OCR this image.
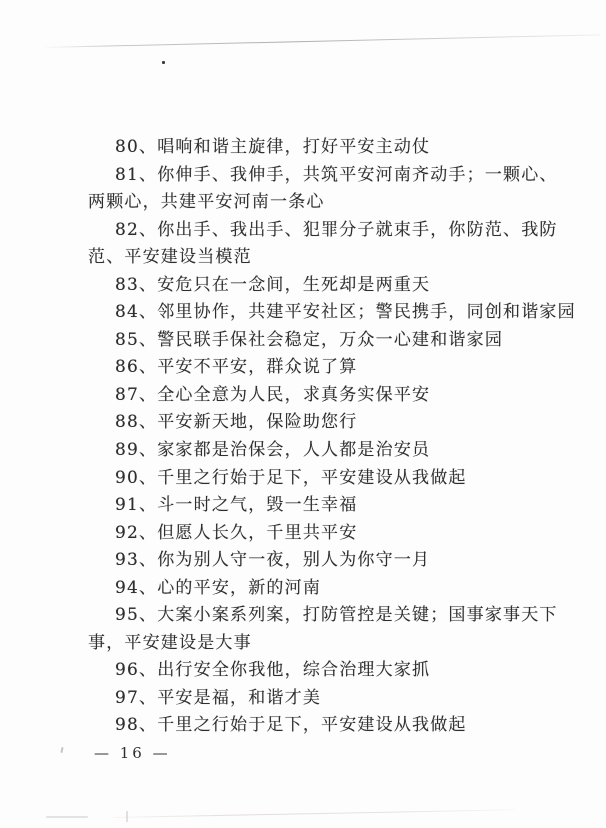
80、唱响和谐主旋律，打好平安主动仗

81、你伸手、我伸手，共筑平安河南齐动手；一颗心、

两颗心，共建平安河南一条心

82、你出手、我出手、犯罪分子就束手，你防范、我防

范、平安建设当模范

83、安危只在一念间，生死却是两重天

84、邻里协作，共建平安社区；警民携手，同创和谐家园

85、警民联手保社会稳定，万众一心建和谐家园

86、平安不平安，群众说了算

87、全心全意为人民，求真务实保平安

88、平安新天地，保险助您行

89、家家都是治保会，人人都是治安员

90、千里之行始于足下，平安建设从我做起

91、斗一时之气，毁一生幸福

92、但愿人长久，千里共平安

93、你为别人守一夜，别人为你守一月

94、心的平安，新的河南

95、大案小案系列案，打防管控是关键；国事家事天下

事，平安建设是大事

96、出行安全你我他，综合治理大家抓

97、平安是福，和谐才美

98、千里之行始于足下，平安建设从我做起

— 16 —
